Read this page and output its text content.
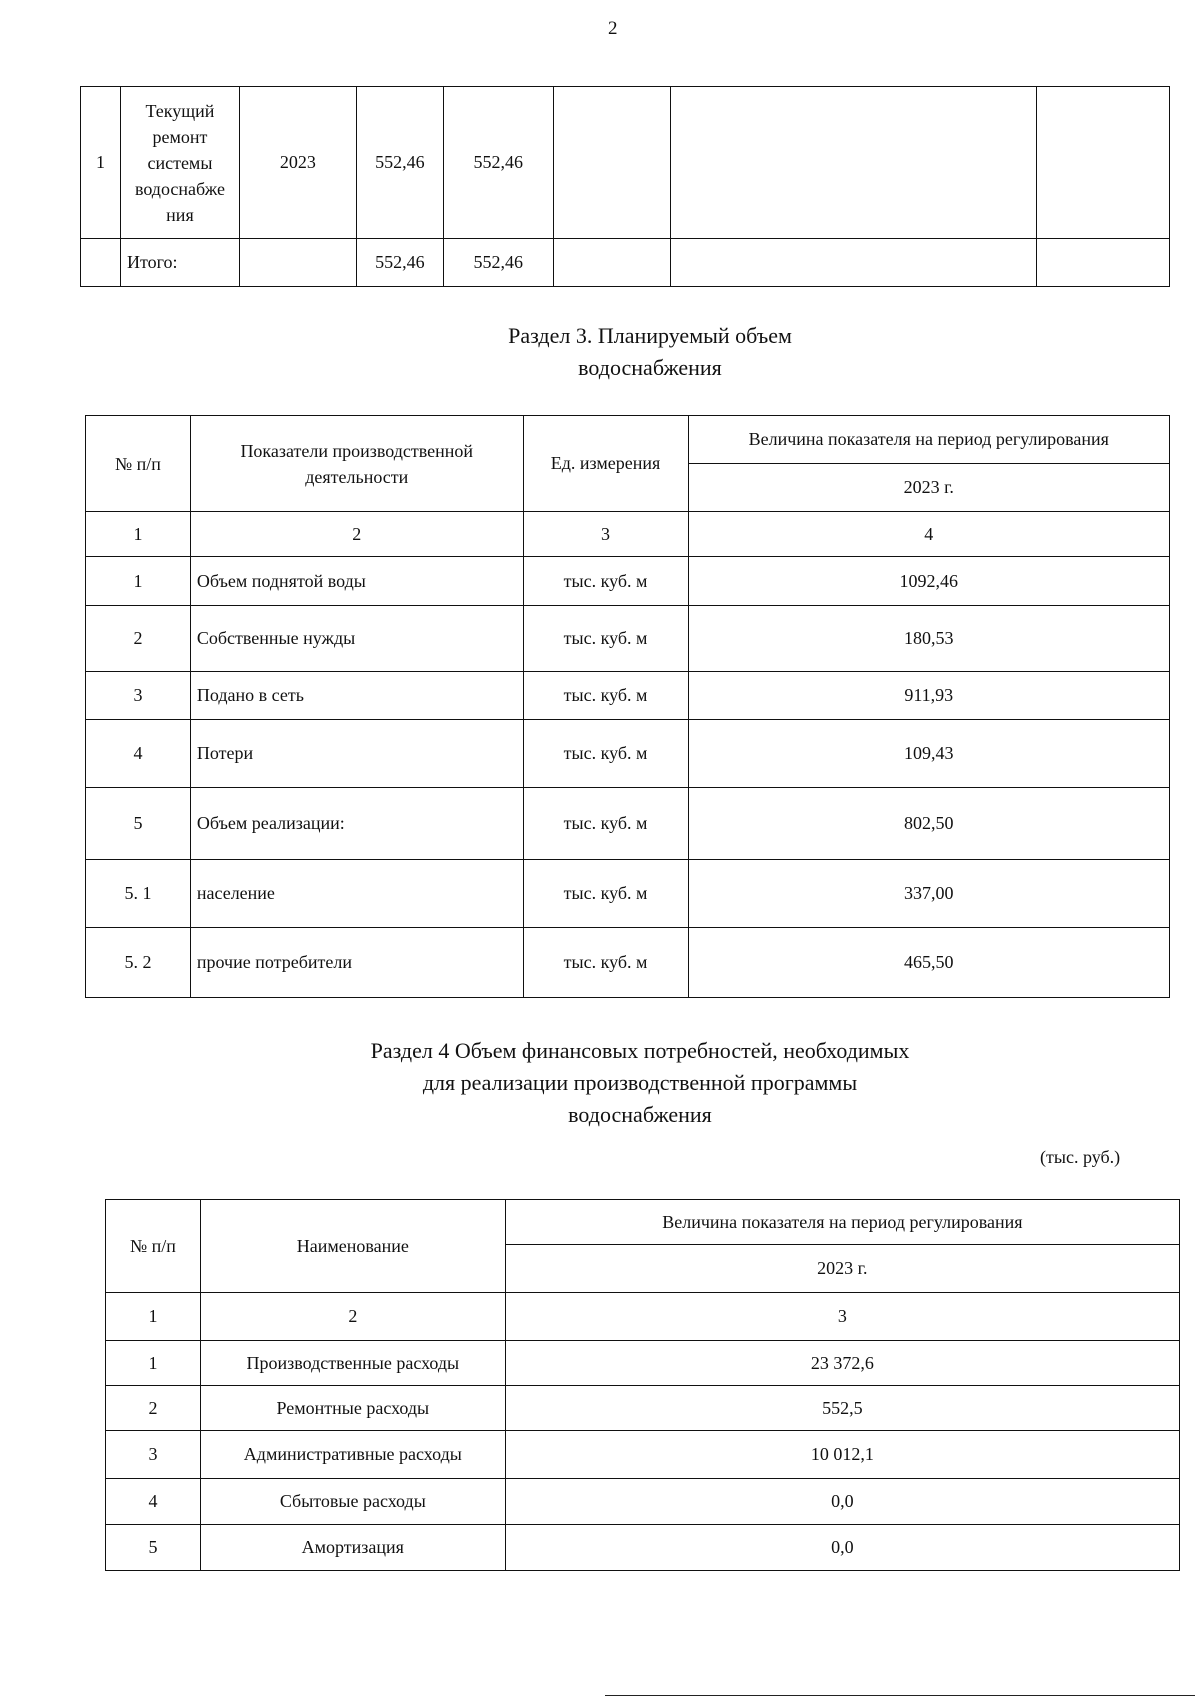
2
1	Текущий ремонт системы водоснабже ния	2023	552,46	552,46			
	Итого:		552,46	552,46			
Раздел 3. Планируемый объем
водоснабжения
№ п/п	Показатели производственной деятельности	Ед. измерения	Величина показателя на период регулирования
			2023 г.
1	2	3	4
1	Объем поднятой воды	тыс. куб. м	1092,46
2	Собственные нужды	тыс. куб. м	180,53
3	Подано в сеть	тыс. куб. м	911,93
4	Потери	тыс. куб. м	109,43
5	Объем реализации:	тыс. куб. м	802,50
5. 1	население	тыс. куб. м	337,00
5. 2	прочие потребители	тыс. куб. м	465,50
Раздел 4 Объем финансовых потребностей, необходимых
для реализации производственной программы
водоснабжения
(тыс. руб.)
№ п/п	Наименование	Величина показателя на период регулирования
		2023 г.
1	2	3
1	Производственные расходы	23 372,6
2	Ремонтные расходы	552,5
3	Административные расходы	10 012,1
4	Сбытовые расходы	0,0
5	Амортизация	0,0
